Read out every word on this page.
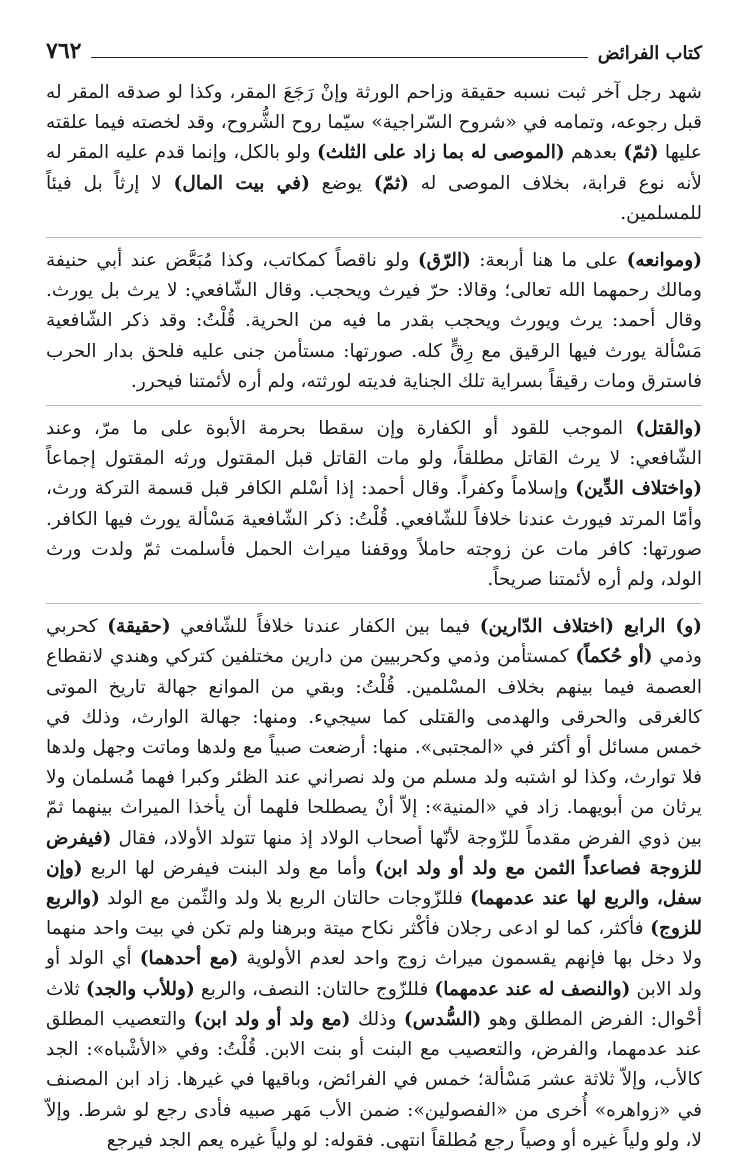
٧٦٢	كتاب الفرائض

شهد رجل آخر ثبت نسبه حقيقة وزاحم الورثة وإنْ رَجَعَ المقر، وكذا لو صدقه المقر له قبل رجوعه، وتمامه في «شروح السّراجية» سيّما روح الشُّروح، وقد لخصته فيما علقته عليها (ثمّ) بعدهم (الموصى له بما زاد على الثلث) ولو بالكل، وإنما قدم عليه المقر له لأنه نوع قرابة، بخلاف الموصى له (ثمّ) يوضع (في بيت المال) لا إرثاً بل فيئاً للمسلمين.

(وموانعه) على ما هنا أربعة: (الرّق) ولو ناقصاً كمكاتب، وكذا مُبَعَّض عند أبي حنيفة ومالك رحمهما الله تعالى؛ وقالا: حرّ فيرث ويحجب. وقال الشّافعي: لا يرث بل يورث. وقال أحمد: يرث ويورث ويحجب بقدر ما فيه من الحرية. قُلْتُ: وقد ذكر الشّافعية مَسْألة يورث فيها الرقيق مع رِقٍّ كله. صورتها: مستأمن جنى عليه فلحق بدار الحرب فاسترق ومات رقيقاً بسراية تلك الجناية فديته لورثته، ولم أره لأئمتنا فيحرر.

(والقتل) الموجب للقود أو الكفارة وإن سقطا بحرمة الأبوة على ما مرّ، وعند الشّافعي: لا يرث القاتل مطلقاً، ولو مات القاتل قبل المقتول ورثه المقتول إجماعاً (واختلاف الدِّين) وإسلاماً وكفراً. وقال أحمد: إذا أسْلم الكافر قبل قسمة التركة ورث، وأمّا المرتد فيورث عندنا خلافاً للشّافعي. قُلْتُ: ذكر الشّافعية مَسْألة يورث فيها الكافر. صورتها: كافر مات عن زوجته حاملاً ووقفنا ميراث الحمل فأسلمت ثمّ ولدت ورث الولد، ولم أره لأئمتنا صريحاً.

(و) الرابع (اختلاف الدّارين) فيما بين الكفار عندنا خلافاً للشّافعي (حقيقة) كحربي وذمي (أو حُكماً) كمستأمن وذمي وكحربيين من دارين مختلفين كتركي وهندي لانقطاع العصمة فيما بينهم بخلاف المسْلمين. قُلْتُ: وبقي من الموانع جهالة تاريخ الموتى كالغرقى والحرقى والهدمى والقتلى كما سيجيء. ومنها: جهالة الوارث، وذلك في خمس مسائل أو أكثر في «المجتبى». منها: أرضعت صبياً مع ولدها وماتت وجهل ولدها فلا توارث، وكذا لو اشتبه ولد مسلم من ولد نصراني عند الظئر وكبرا فهما مُسلمان ولا يرثان من أبويهما. زاد في «المنية»: إلاّ أنْ يصطلحا فلهما أن يأخذا الميراث بينهما ثمّ بين ذوي الفرض مقدماً للزّوجة لأنّها أصحاب الولاد إذ منها تتولد الأولاد، فقال (فيفرض للزوجة فصاعداً الثمن مع ولد أو ولد ابن) وأما مع ولد البنت فيفرض لها الربع (وإن سفل، والربع لها عند عدمهما) فللزّوجات حالتان الربع بلا ولد والثّمن مع الولد (والربع للزوج) فأكثر، كما لو ادعى رجلان فأكْثر نكاح ميتة وبرهنا ولم تكن في بيت واحد منهما ولا دخل بها فإنهم يقسمون ميراث زوج واحد لعدم الأولوية (مع أحدهما) أي الولد أو ولد الابن (والنصف له عند عدمهما) فللزّوج حالتان: النصف، والربع (وللأب والجد) ثلاث أحْوال: الفرض المطلق وهو (السُّدس) وذلك (مع ولد أو ولد ابن) والتعصيب المطلق عند عدمهما، والفرض، والتعصيب مع البنت أو بنت الابن. قُلْتُ: وفي «الأشْباه»: الجد كالأب، وإلاّ ثلاثة عشر مَسْألة؛ خمس في الفرائض، وباقيها في غيرها. زاد ابن المصنف في «زواهره» أُخرى من «الفصولين»: ضمن الأب مَهر صبيه فأدى رجع لو شرط. وإلاّ لا، ولو ولياً غيره أو وصياً رجع مُطلقاً انتهى. فقوله: لو ولياً غيره يعم الجد فيرجع
